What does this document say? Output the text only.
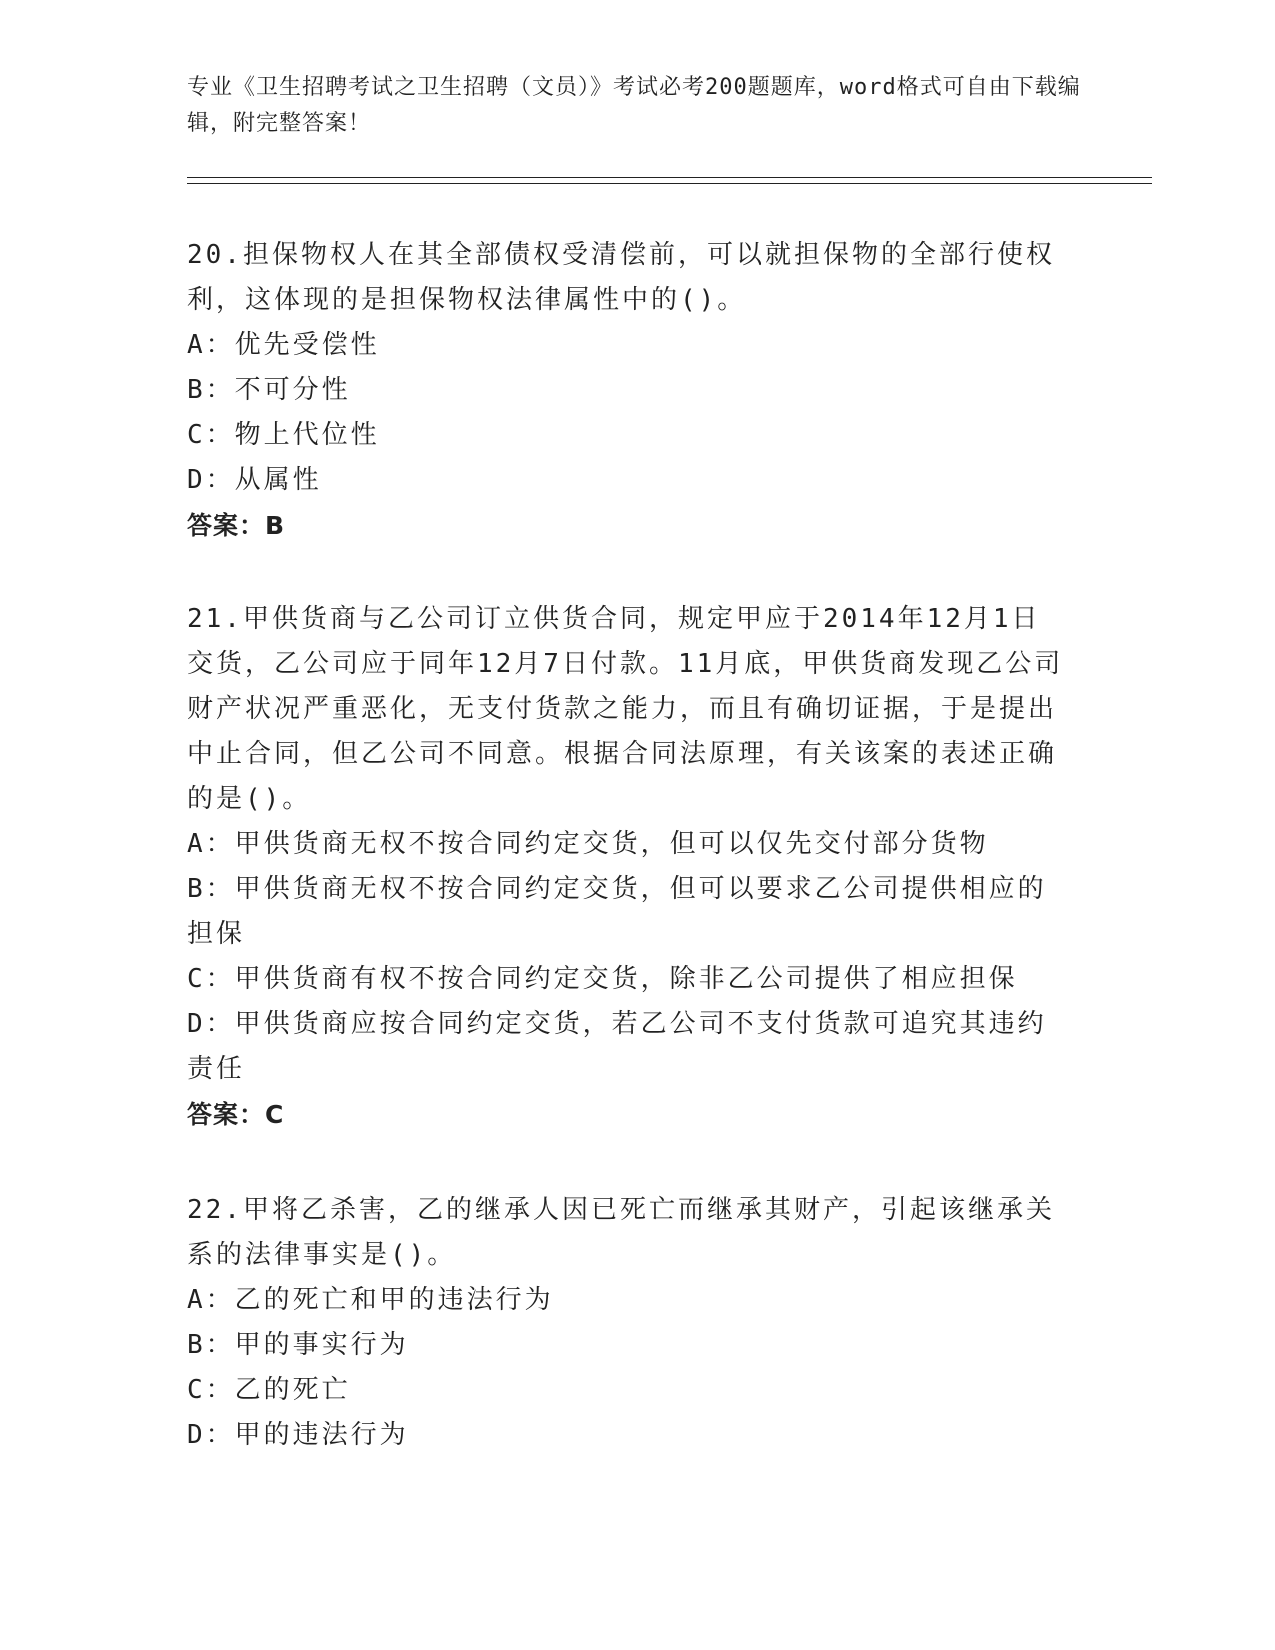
专业《卫生招聘考试之卫生招聘（文员）》考试必考200题题库，word格式可自由下载编辑，附完整答案！

20.担保物权人在其全部债权受清偿前，可以就担保物的全部行使权利，这体现的是担保物权法律属性中的()。

A：优先受偿性

B：不可分性

C：物上代位性

D：从属性

答案：B

21.甲供货商与乙公司订立供货合同，规定甲应于2014年12月1日交货，乙公司应于同年12月7日付款。11月底，甲供货商发现乙公司财产状况严重恶化，无支付货款之能力，而且有确切证据，于是提出中止合同，但乙公司不同意。根据合同法原理，有关该案的表述正确的是()。

A：甲供货商无权不按合同约定交货，但可以仅先交付部分货物

B：甲供货商无权不按合同约定交货，但可以要求乙公司提供相应的担保

C：甲供货商有权不按合同约定交货，除非乙公司提供了相应担保

D：甲供货商应按合同约定交货，若乙公司不支付货款可追究其违约责任

答案：C

22.甲将乙杀害，乙的继承人因已死亡而继承其财产，引起该继承关系的法律事实是()。

A：乙的死亡和甲的违法行为

B：甲的事实行为

C：乙的死亡

D：甲的违法行为
